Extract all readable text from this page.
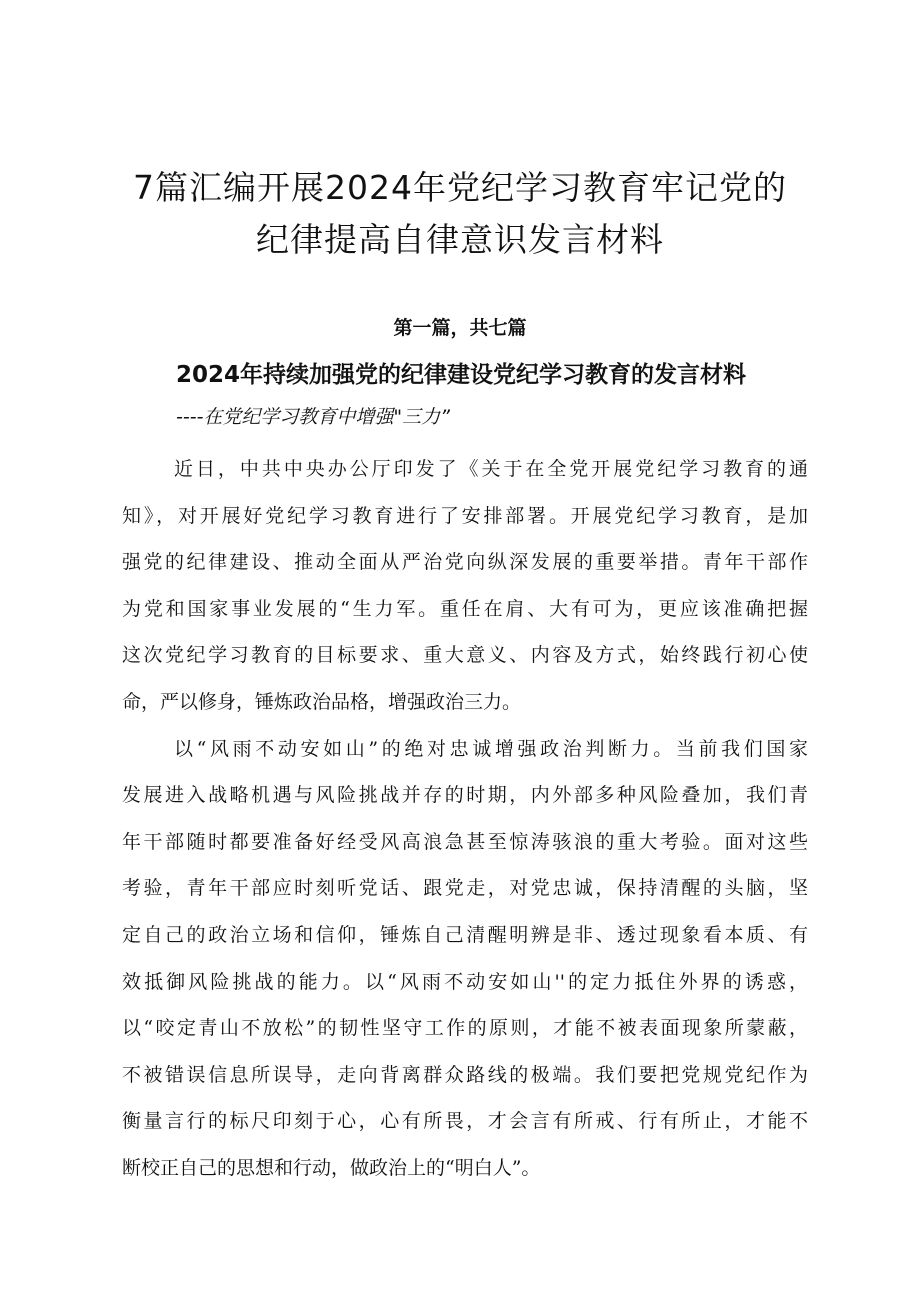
7篇汇编开展2024年党纪学习教育牢记党的
纪律提高自律意识发言材料
第一篇，共七篇
2024年持续加强党的纪律建设党纪学习教育的发言材料
----在党纪学习教育中增强"三力”
近日，中共中央办公厅印发了《关于在全党开展党纪学习教育的通
知》，对开展好党纪学习教育进行了安排部署。开展党纪学习教育，是加
强党的纪律建设、推动全面从严治党向纵深发展的重要举措。青年干部作
为党和国家事业发展的“生力军。重任在肩、大有可为，更应该准确把握
这次党纪学习教育的目标要求、重大意义、内容及方式，始终践行初心使
命，严以修身，锤炼政治品格，增强政治三力。
以“风雨不动安如山”的绝对忠诚增强政治判断力。当前我们国家
发展进入战略机遇与风险挑战并存的时期，内外部多种风险叠加，我们青
年干部随时都要准备好经受风高浪急甚至惊涛骇浪的重大考验。面对这些
考验，青年干部应时刻听党话、跟党走，对党忠诚，保持清醒的头脑，坚
定自己的政治立场和信仰，锤炼自己清醒明辨是非、透过现象看本质、有
效抵御风险挑战的能力。以“风雨不动安如山''的定力抵住外界的诱惑，
以“咬定青山不放松”的韧性坚守工作的原则，才能不被表面现象所蒙蔽，
不被错误信息所误导，走向背离群众路线的极端。我们要把党规党纪作为
衡量言行的标尺印刻于心，心有所畏，才会言有所戒、行有所止，才能不
断校正自己的思想和行动，做政治上的“明白人”。
